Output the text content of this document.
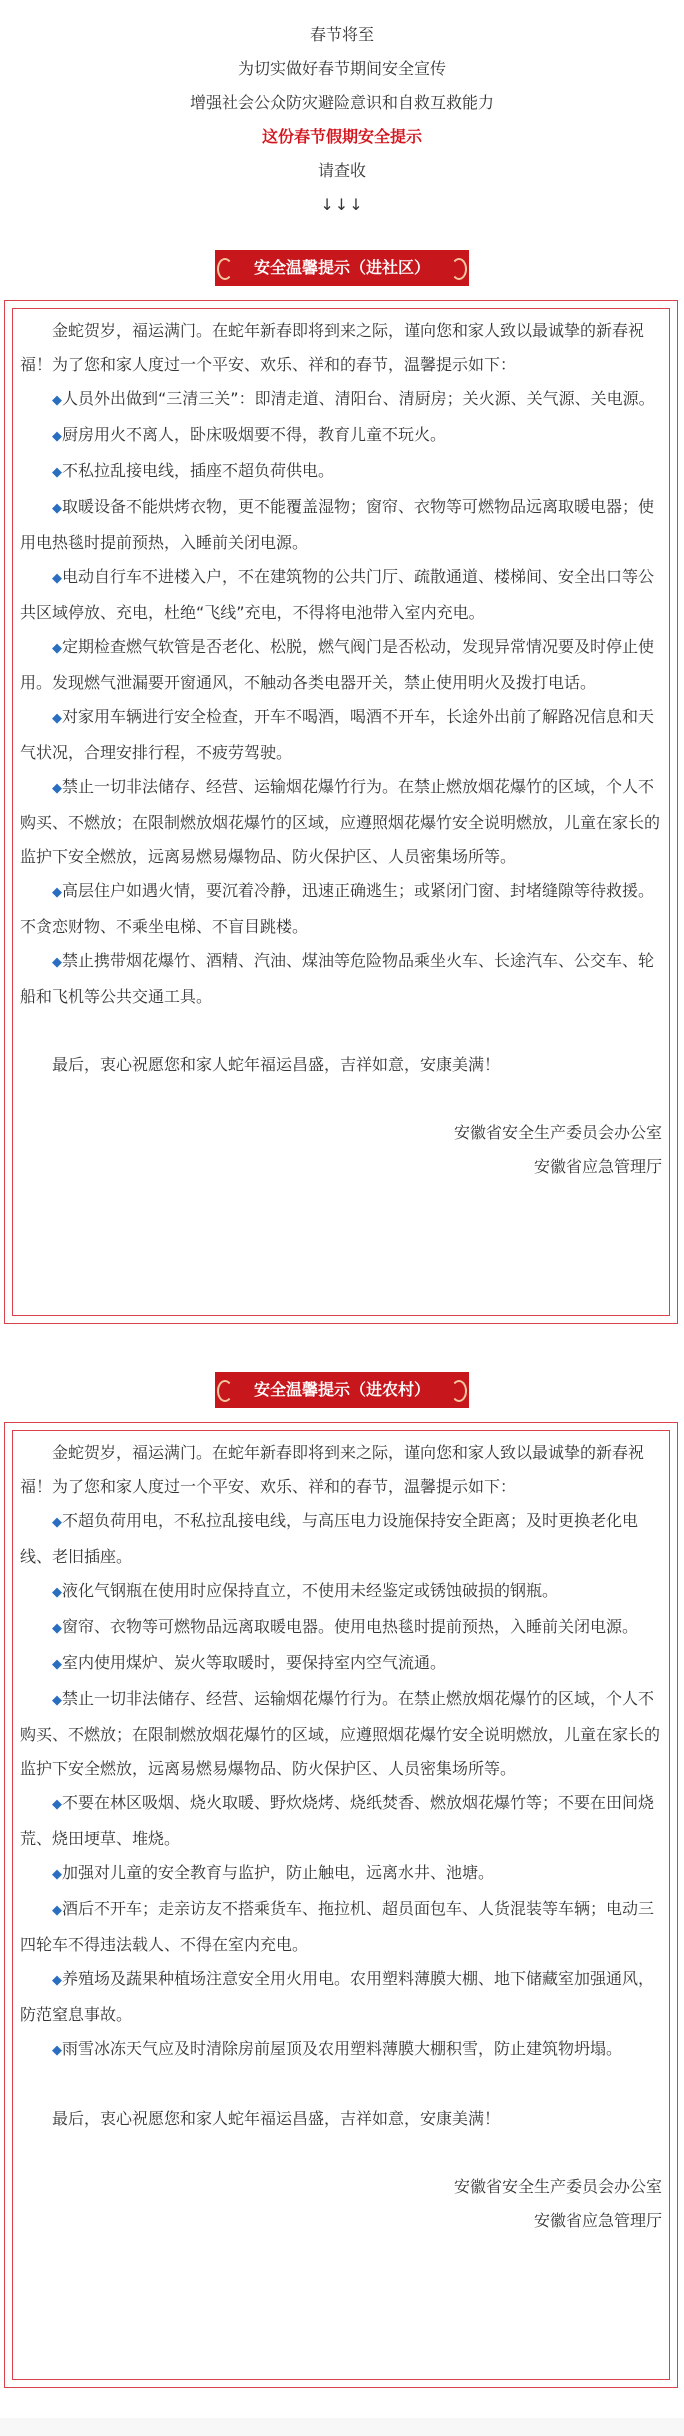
春节将至
为切实做好春节期间安全宣传
增强社会公众防灾避险意识和自救互救能力
这份春节假期安全提示
请查收
↓↓↓
安全温馨提示（进社区）

金蛇贺岁，福运满门。在蛇年新春即将到来之际，谨向您和家人致以最诚挚的新春祝福！为了您和家人度过一个平安、欢乐、祥和的春节，温馨提示如下：

◆人员外出做到“三清三关”：即清走道、清阳台、清厨房；关火源、关气源、关电源。

◆厨房用火不离人，卧床吸烟要不得，教育儿童不玩火。

◆不私拉乱接电线，插座不超负荷供电。

◆取暖设备不能烘烤衣物，更不能覆盖湿物；窗帘、衣物等可燃物品远离取暖电器；使用电热毯时提前预热，入睡前关闭电源。

◆电动自行车不进楼入户，不在建筑物的公共门厅、疏散通道、楼梯间、安全出口等公共区域停放、充电，杜绝“飞线”充电，不得将电池带入室内充电。

◆定期检查燃气软管是否老化、松脱，燃气阀门是否松动，发现异常情况要及时停止使用。发现燃气泄漏要开窗通风，不触动各类电器开关，禁止使用明火及拨打电话。

◆对家用车辆进行安全检查，开车不喝酒，喝酒不开车，长途外出前了解路况信息和天气状况，合理安排行程，不疲劳驾驶。

◆禁止一切非法储存、经营、运输烟花爆竹行为。在禁止燃放烟花爆竹的区域，个人不购买、不燃放；在限制燃放烟花爆竹的区域，应遵照烟花爆竹安全说明燃放，儿童在家长的监护下安全燃放，远离易燃易爆物品、防火保护区、人员密集场所等。

◆高层住户如遇火情，要沉着冷静，迅速正确逃生；或紧闭门窗、封堵缝隙等待救援。不贪恋财物、不乘坐电梯、不盲目跳楼。

◆禁止携带烟花爆竹、酒精、汽油、煤油等危险物品乘坐火车、长途汽车、公交车、轮船和飞机等公共交通工具。

最后，衷心祝愿您和家人蛇年福运昌盛，吉祥如意，安康美满！

安徽省安全生产委员会办公室

安徽省应急管理厅

安全温馨提示（进农村）

金蛇贺岁，福运满门。在蛇年新春即将到来之际，谨向您和家人致以最诚挚的新春祝福！为了您和家人度过一个平安、欢乐、祥和的春节，温馨提示如下：

◆不超负荷用电，不私拉乱接电线，与高压电力设施保持安全距离；及时更换老化电线、老旧插座。

◆液化气钢瓶在使用时应保持直立，不使用未经鉴定或锈蚀破损的钢瓶。

◆窗帘、衣物等可燃物品远离取暖电器。使用电热毯时提前预热，入睡前关闭电源。

◆室内使用煤炉、炭火等取暖时，要保持室内空气流通。

◆禁止一切非法储存、经营、运输烟花爆竹行为。在禁止燃放烟花爆竹的区域，个人不购买、不燃放；在限制燃放烟花爆竹的区域，应遵照烟花爆竹安全说明燃放，儿童在家长的监护下安全燃放，远离易燃易爆物品、防火保护区、人员密集场所等。

◆不要在林区吸烟、烧火取暖、野炊烧烤、烧纸焚香、燃放烟花爆竹等；不要在田间烧荒、烧田埂草、堆烧。

◆加强对儿童的安全教育与监护，防止触电，远离水井、池塘。

◆酒后不开车；走亲访友不搭乘货车、拖拉机、超员面包车、人货混装等车辆；电动三四轮车不得违法载人、不得在室内充电。

◆养殖场及蔬果种植场注意安全用火用电。农用塑料薄膜大棚、地下储藏室加强通风，防范窒息事故。

◆雨雪冰冻天气应及时清除房前屋顶及农用塑料薄膜大棚积雪，防止建筑物坍塌。

最后，衷心祝愿您和家人蛇年福运昌盛，吉祥如意，安康美满！

安徽省安全生产委员会办公室

安徽省应急管理厅
